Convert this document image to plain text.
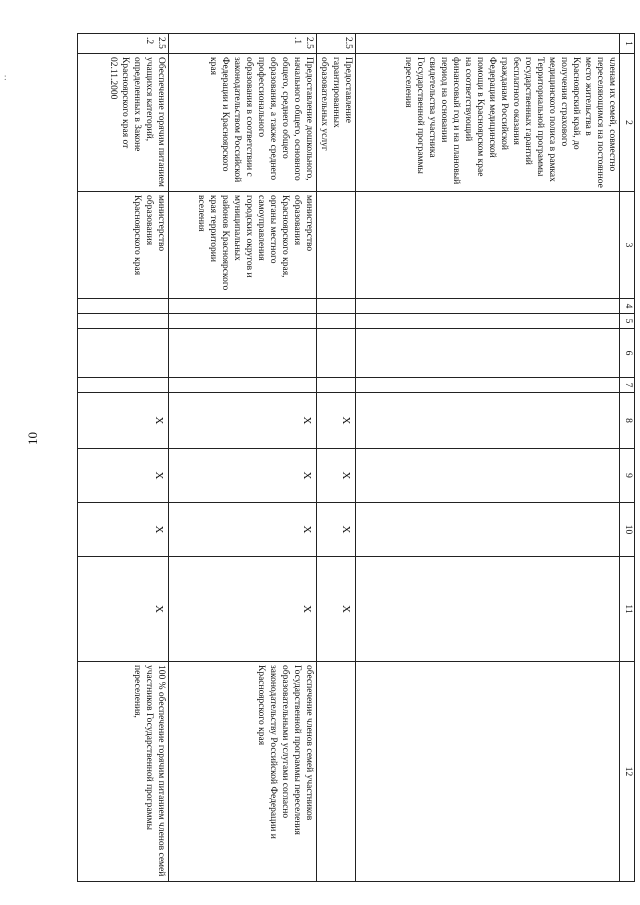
:
10
1	2	3	4	5	6	7	8	9	10	11	12
	членам их семей, совместно переселяющимся на постоянное место жительства в Красноярский край, до получения страхового медицинского полиса в рамках Территориальной программы государственных гарантий бесплатного оказания гражданам Российской Федерации медицинской помощи в Красноярском крае на соответствующий финансовый год и на плановый период на основании свидетельства участника Государственной программы переселения										
2.5	Предоставление гарантированных образовательных услуг						X	X	X	X	
2.5.1	Предоставление дошкольного, начального общего, основного общего, среднего общего образования, а также среднего профессионального образования в соответствии с законодательством Российской Федерации и Красноярского края	министерство образования Красноярского края, органы местного самоуправления городских округов и муниципальных районов Красноярского края территории вселения					X	X	X	X	обеспечение членов семей участников Государственной программы переселения образовательными услугами согласно законодательству Российской Федерации и Красноярского края
2.5.2	Обеспечение горячим питанием учащихся категорий, определенных в Законе Красноярского края от 02.11.2000	министерство образования Красноярского края					X	X	X	X	100 % обеспечение горячим питанием членов семей участников Государственной программы переселения,
